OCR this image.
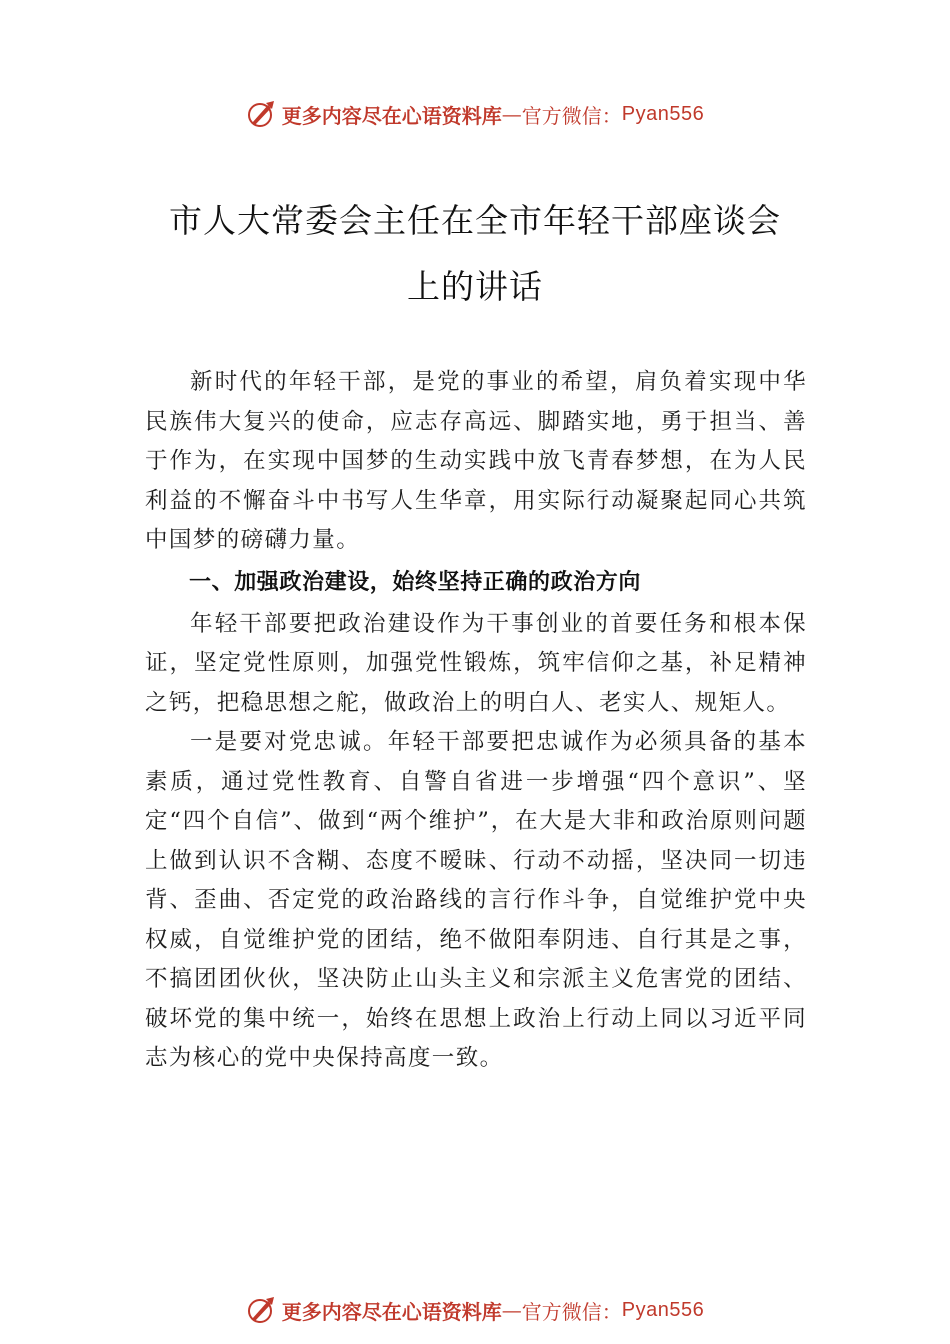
更多内容尽在心语资料库 — 官方微信： Pyan556
市人大常委会主任在全市年轻干部座谈会
上的讲话

新时代的年轻干部，是党的事业的希望，肩负着实现中华民族伟大复兴的使命，应志存高远、脚踏实地，勇于担当、善于作为，在实现中国梦的生动实践中放飞青春梦想，在为人民利益的不懈奋斗中书写人生华章，用实际行动凝聚起同心共筑中国梦的磅礴力量。

一、加强政治建设，始终坚持正确的政治方向

年轻干部要把政治建设作为干事创业的首要任务和根本保证，坚定党性原则，加强党性锻炼，筑牢信仰之基，补足精神之钙，把稳思想之舵，做政治上的明白人、老实人、规矩人。

一是要对党忠诚。年轻干部要把忠诚作为必须具备的基本素质，通过党性教育、自警自省进一步增强“四个意识”、坚定“四个自信”、做到“两个维护”，在大是大非和政治原则问题上做到认识不含糊、态度不暧昧、行动不动摇，坚决同一切违背、歪曲、否定党的政治路线的言行作斗争，自觉维护党中央权威，自觉维护党的团结，绝不做阳奉阴违、自行其是之事，不搞团团伙伙，坚决防止山头主义和宗派主义危害党的团结、破坏党的集中统一，始终在思想上政治上行动上同以习近平同志为核心的党中央保持高度一致。

更多内容尽在心语资料库 — 官方微信： Pyan556
